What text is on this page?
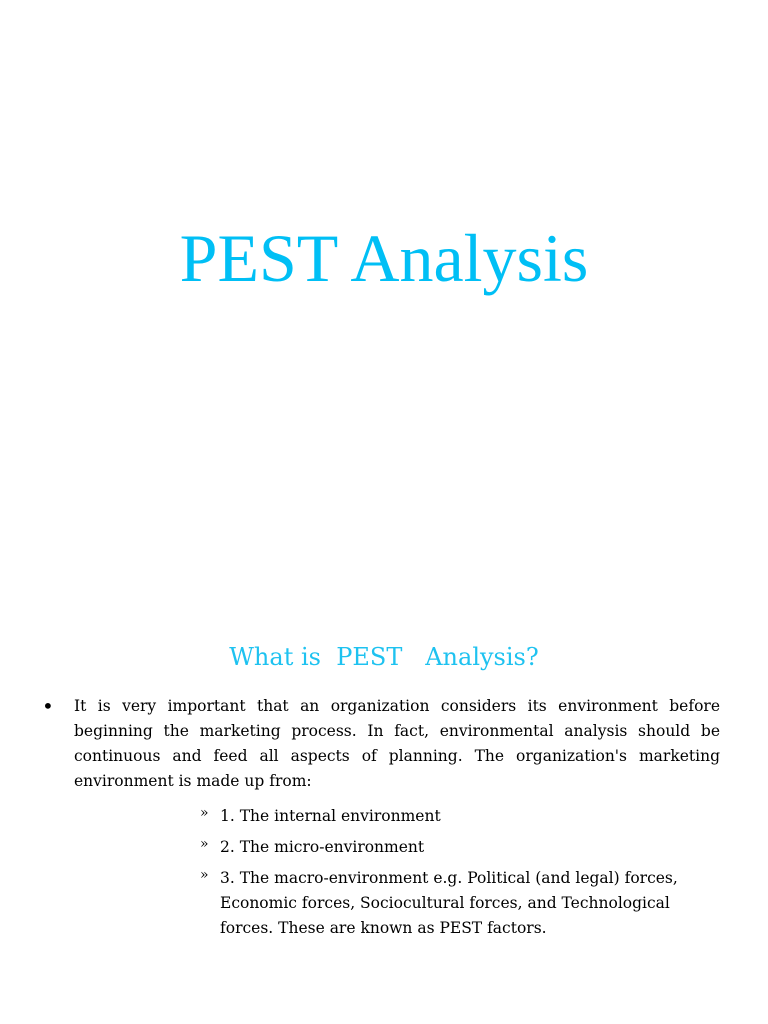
PEST Analysis
What is  PEST   Analysis?
• It is very important that an organization considers its environment before beginning the marketing process. In fact, environmental analysis should be continuous and feed all aspects of planning. The organization's marketing environment is made up from:

» 1. The internal environment
» 2. The micro-environment
» 3. The macro-environment e.g. Political (and legal) forces, Economic forces, Sociocultural forces, and Technological forces. These are known as PEST factors.
